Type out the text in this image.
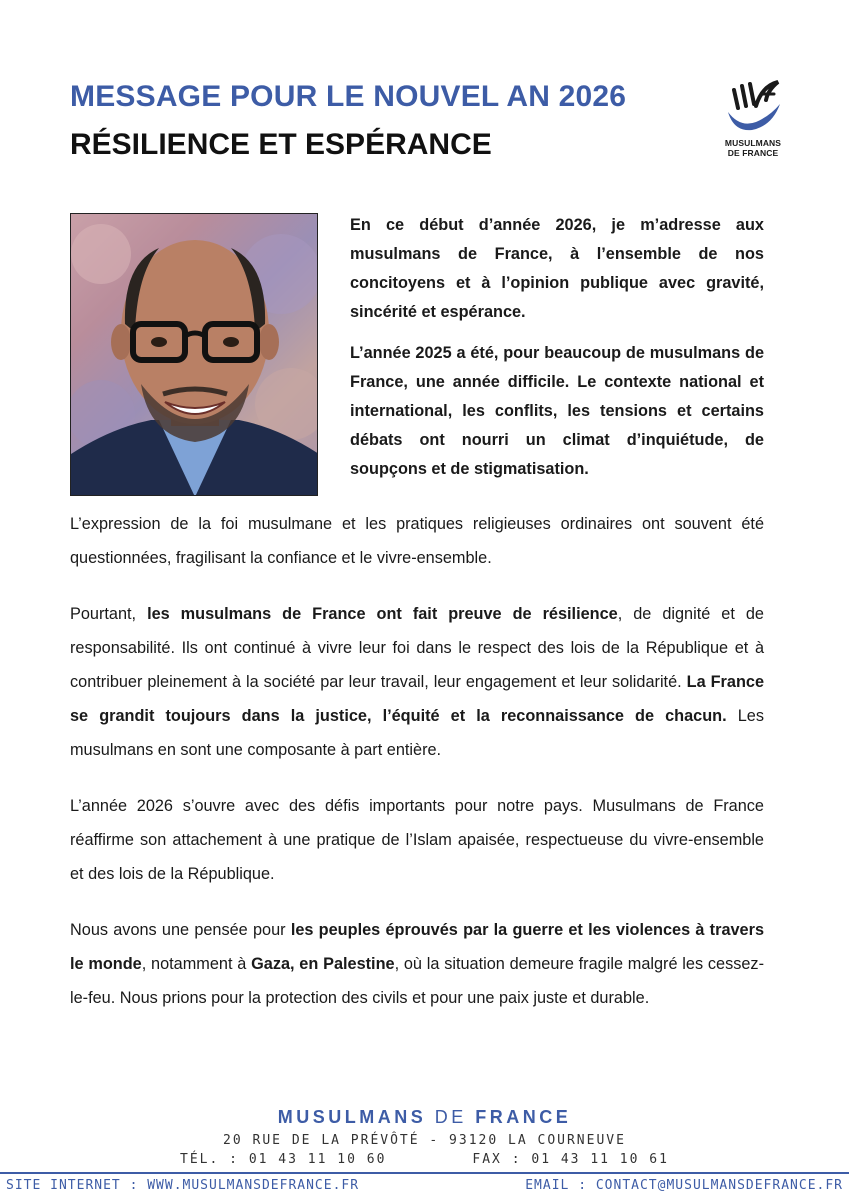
MESSAGE POUR LE NOUVEL AN 2026
RÉSILIENCE ET ESPÉRANCE	MUSULMANS
DE FRANCE

En ce début d’année 2026, je m’adresse aux musulmans de France, à l’ensemble de nos concitoyens et à l’opinion publique avec gravité, sincérité et espérance.

L’année 2025 a été, pour beaucoup de musulmans de France, une année difficile. Le contexte national et international, les conflits, les tensions et certains débats ont nourri un climat d’inquiétude, de soupçons et de stigmatisation.

L’expression de la foi musulmane et les pratiques religieuses ordinaires ont souvent été questionnées, fragilisant la confiance et le vivre-ensemble.

Pourtant, les musulmans de France ont fait preuve de résilience, de dignité et de responsabilité. Ils ont continué à vivre leur foi dans le respect des lois de la République et à contribuer pleinement à la société par leur travail, leur engagement et leur solidarité. La France se grandit toujours dans la justice, l’équité et la reconnaissance de chacun. Les musulmans en sont une composante à part entière.

L’année 2026 s’ouvre avec des défis importants pour notre pays. Musulmans de France réaffirme son attachement à une pratique de l’Islam apaisée, respectueuse du vivre-ensemble et des lois de la République.

Nous avons une pensée pour les peuples éprouvés par la guerre et les violences à travers le monde, notamment à Gaza, en Palestine, où la situation demeure fragile malgré les cessez-le-feu. Nous prions pour la protection des civils et pour une paix juste et durable.

MUSULMANS DE FRANCE
20 RUE DE LA PRÉVÔTÉ - 93120 LA COURNEUVE
TÉL. : 01 43 11 10 60	FAX : 01 43 11 10 61
SITE INTERNET : WWW.MUSULMANSDEFRANCE.FR	EMAIL : CONTACT@MUSULMANSDEFRANCE.FR
